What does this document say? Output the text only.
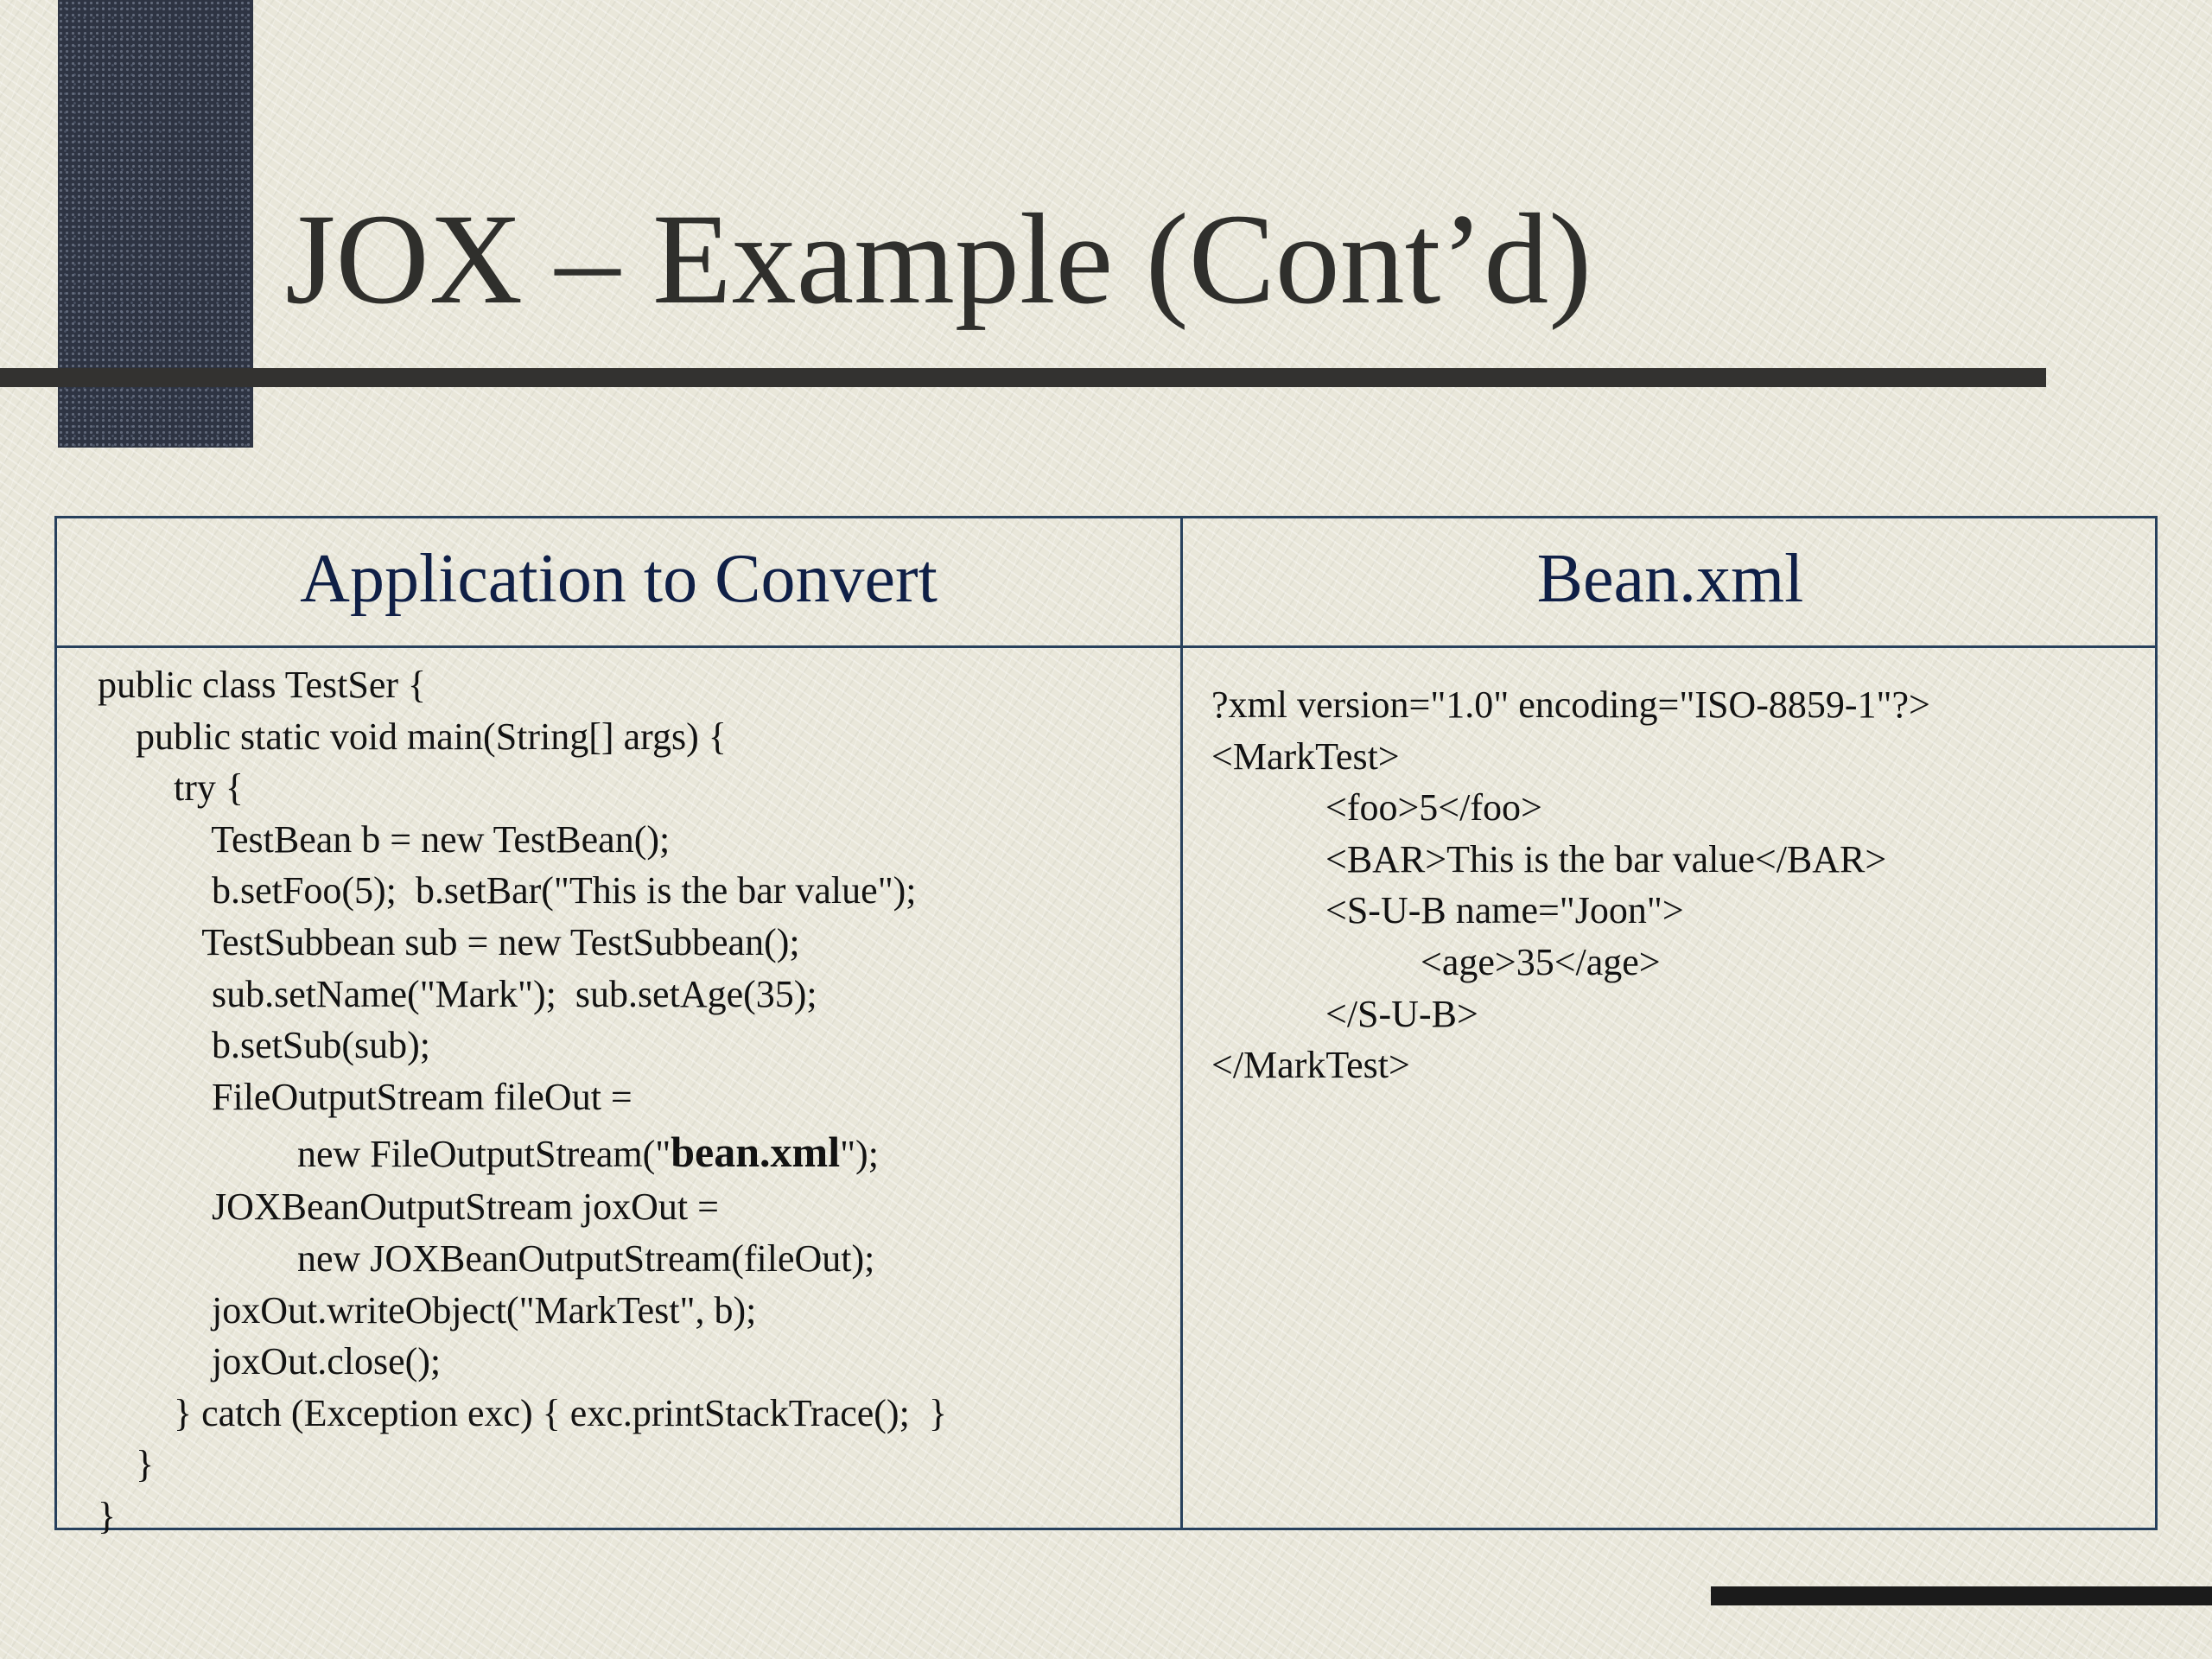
JOX – Example (Cont’d)
Application to Convert	Bean.xml
public class TestSer {
public static void main(String[] args) {
try {
TestBean b = new TestBean();
b.setFoo(5);  b.setBar("This is the bar value");
TestSubbean sub = new TestSubbean();
sub.setName("Mark");  sub.setAge(35);
b.setSub(sub);
FileOutputStream fileOut =
new FileOutputStream("bean.xml");
JOXBeanOutputStream joxOut =
new JOXBeanOutputStream(fileOut);
joxOut.writeObject("MarkTest", b);
joxOut.close();
} catch (Exception exc) { exc.printStackTrace();  }
}
}
?xml version="1.0" encoding="ISO-8859-1"?>
<MarkTest>
<foo>5</foo>
<BAR>This is the bar value</BAR>
<S-U-B name="Joon">
<age>35</age>
</S-U-B>
</MarkTest>
